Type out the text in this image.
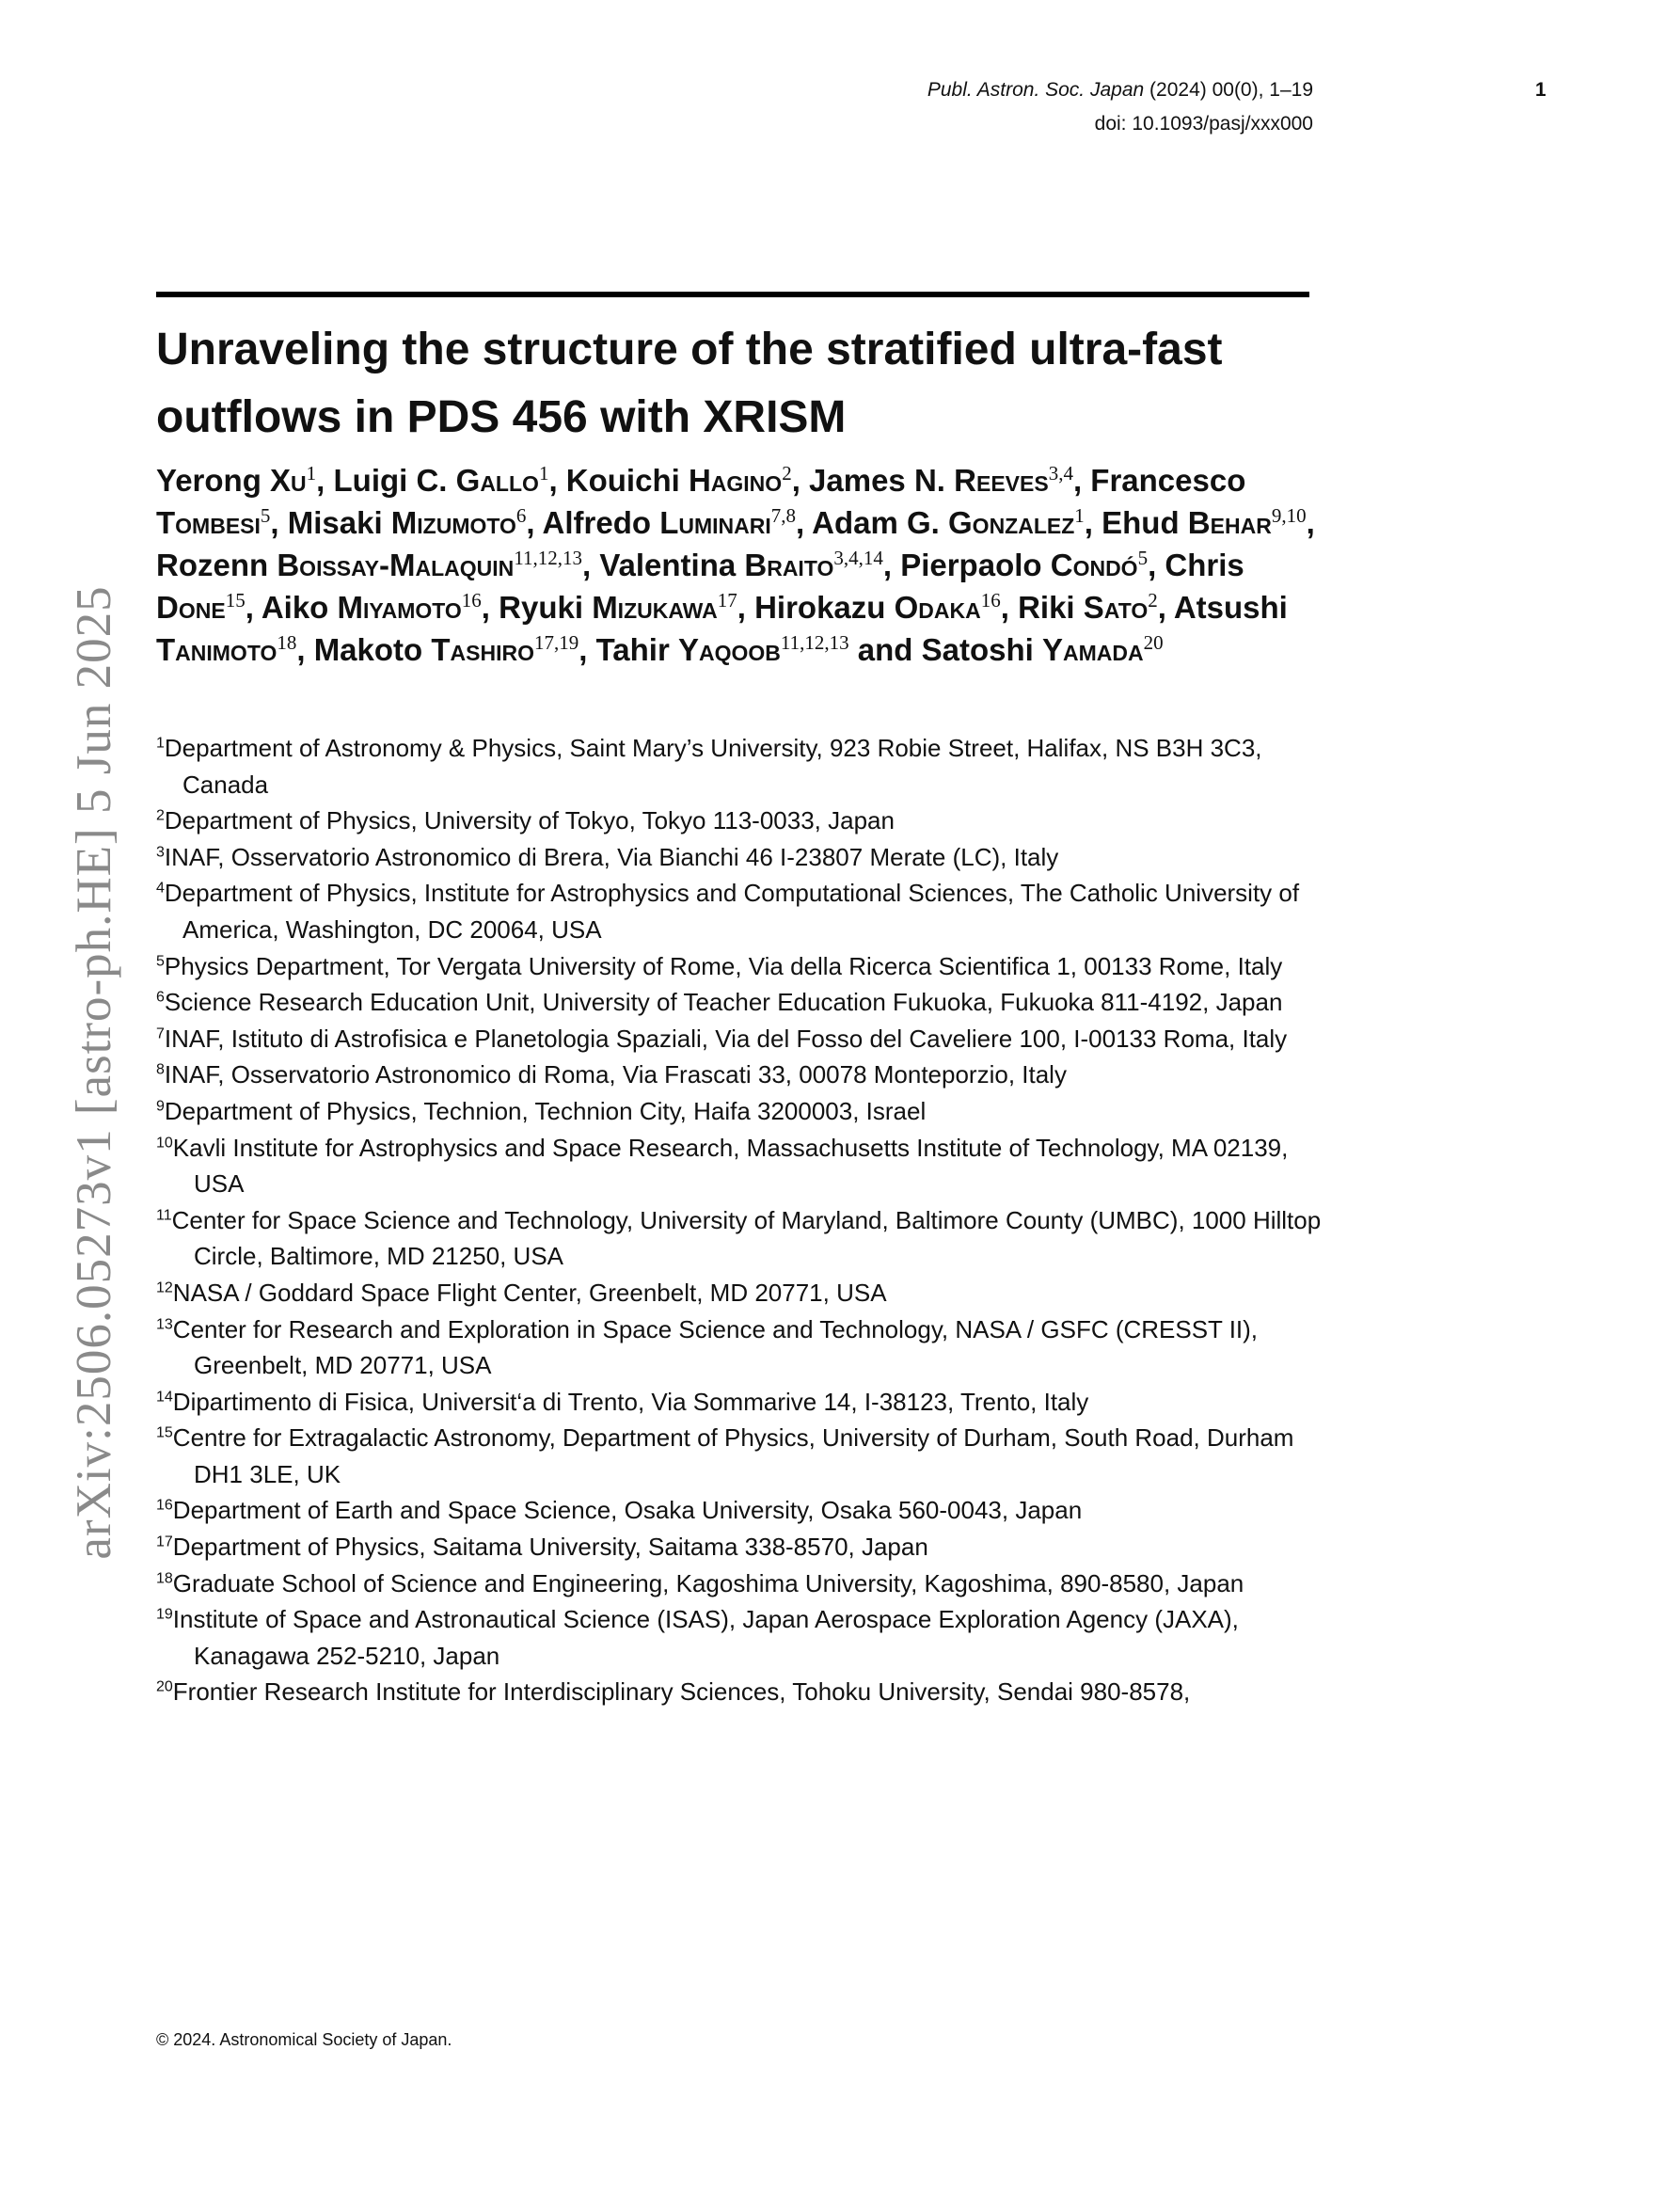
Publ. Astron. Soc. Japan (2024) 00(0), 1–19
doi: 10.1093/pasj/xxx000
1
arXiv:2506.05273v1 [astro-ph.HE] 5 Jun 2025
Unraveling the structure of the stratified ultra-fast outflows in PDS 456 with XRISM

Yerong Xu$^1$, Luigi C. Gallo$^1$, Kouichi Hagino$^2$, James N. Reeves$^{3,4}$, Francesco Tombesi$^5$, Misaki Mizumoto$^6$, Alfredo Luminari$^{7,8}$, Adam G. Gonzalez$^1$, Ehud Behar$^{9,10}$, Rozenn Boissay-Malaquin$^{11,12,13}$, Valentina Braito$^{3,4,14}$, Pierpaolo Condó$^5$, Chris Done$^{15}$, Aiko Miyamoto$^{16}$, Ryuki Mizukawa$^{17}$, Hirokazu Odaka$^{16}$, Riki Sato$^2$, Atsushi Tanimoto$^{18}$, Makoto Tashiro$^{17,19}$, Tahir Yaqoob$^{11,12,13}$ and Satoshi Yamada$^{20}$

$^1$Department of Astronomy & Physics, Saint Mary’s University, 923 Robie Street, Halifax, NS B3H 3C3, Canada
$^2$Department of Physics, University of Tokyo, Tokyo 113-0033, Japan
$^3$INAF, Osservatorio Astronomico di Brera, Via Bianchi 46 I-23807 Merate (LC), Italy
$^4$Department of Physics, Institute for Astrophysics and Computational Sciences, The Catholic University of America, Washington, DC 20064, USA
$^5$Physics Department, Tor Vergata University of Rome, Via della Ricerca Scientifica 1, 00133 Rome, Italy
$^6$Science Research Education Unit, University of Teacher Education Fukuoka, Fukuoka 811-4192, Japan
$^7$INAF, Istituto di Astrofisica e Planetologia Spaziali, Via del Fosso del Caveliere 100, I-00133 Roma, Italy
$^8$INAF, Osservatorio Astronomico di Roma, Via Frascati 33, 00078 Monteporzio, Italy
$^9$Department of Physics, Technion, Technion City, Haifa 3200003, Israel
$^{10}$Kavli Institute for Astrophysics and Space Research, Massachusetts Institute of Technology, MA 02139, USA
$^{11}$Center for Space Science and Technology, University of Maryland, Baltimore County (UMBC), 1000 Hilltop Circle, Baltimore, MD 21250, USA
$^{12}$NASA / Goddard Space Flight Center, Greenbelt, MD 20771, USA
$^{13}$Center for Research and Exploration in Space Science and Technology, NASA / GSFC (CRESST II), Greenbelt, MD 20771, USA
$^{14}$Dipartimento di Fisica, Universit‘a di Trento, Via Sommarive 14, I-38123, Trento, Italy
$^{15}$Centre for Extragalactic Astronomy, Department of Physics, University of Durham, South Road, Durham DH1 3LE, UK
$^{16}$Department of Earth and Space Science, Osaka University, Osaka 560-0043, Japan
$^{17}$Department of Physics, Saitama University, Saitama 338-8570, Japan
$^{18}$Graduate School of Science and Engineering, Kagoshima University, Kagoshima, 890-8580, Japan
$^{19}$Institute of Space and Astronautical Science (ISAS), Japan Aerospace Exploration Agency (JAXA), Kanagawa 252-5210, Japan
$^{20}$Frontier Research Institute for Interdisciplinary Sciences, Tohoku University, Sendai 980-8578,
© 2024. Astronomical Society of Japan.
